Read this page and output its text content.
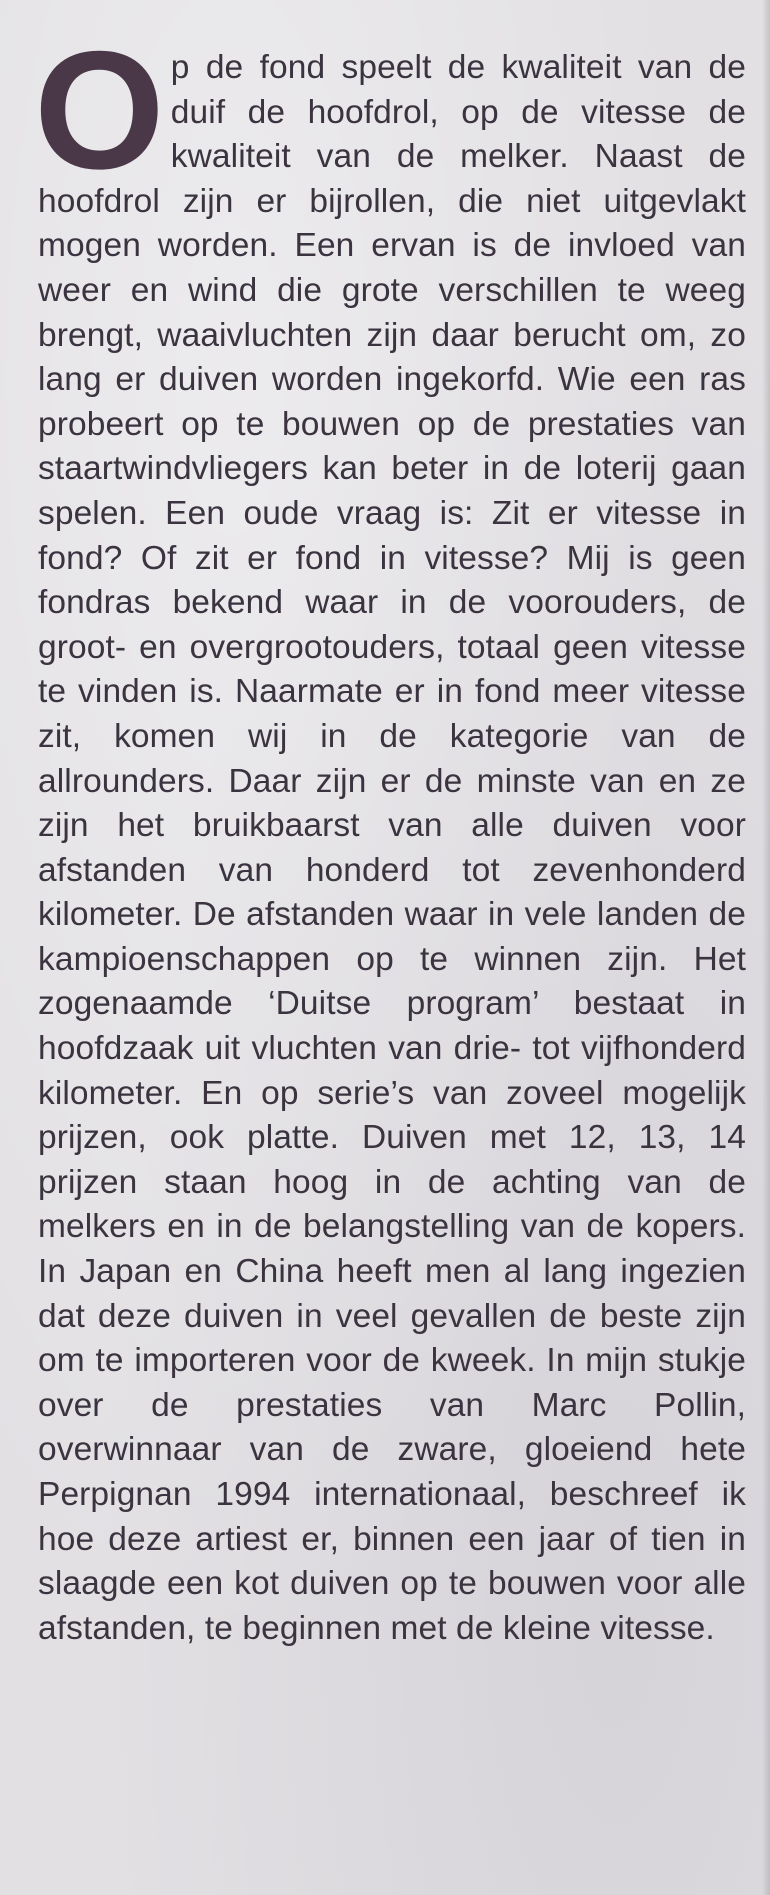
O p de fond speelt de kwaliteit van de duif de hoofdrol, op de vitesse de kwaliteit van de melker. Naast de hoofdrol zijn er bijrollen, die niet uitgevlakt mogen worden. Een ervan is de invloed van weer en wind die grote verschillen te weeg brengt, waaivluchten zijn daar berucht om, zo lang er duiven worden ingekorfd. Wie een ras probeert op te bouwen op de prestaties van staartwindvliegers kan beter in de loterij gaan spelen. Een oude vraag is: Zit er vitesse in fond? Of zit er fond in vitesse? Mij is geen fondras bekend waar in de voorouders, de groot- en overgrootouders, totaal geen vitesse te vinden is. Naarmate er in fond meer vitesse zit, komen wij in de kategorie van de allrounders. Daar zijn er de minste van en ze zijn het bruikbaarst van alle duiven voor afstanden van honderd tot zevenhonderd kilometer. De afstanden waar in vele landen de kampioenschappen op te winnen zijn. Het zogenaamde ‘Duitse program’ bestaat in hoofdzaak uit vluchten van drie- tot vijfhonderd kilometer. En op serie’s van zoveel mogelijk prijzen, ook platte. Duiven met 12, 13, 14 prijzen staan hoog in de achting van de melkers en in de belangstelling van de kopers. In Japan en China heeft men al lang ingezien dat deze duiven in veel gevallen de beste zijn om te importeren voor de kweek. In mijn stukje over de prestaties van Marc Pollin, overwinnaar van de zware, gloeiend hete Perpignan 1994 internationaal, beschreef ik hoe deze artiest er, binnen een jaar of tien in slaagde een kot duiven op te bouwen voor alle afstanden, te beginnen met de kleine vitesse.
